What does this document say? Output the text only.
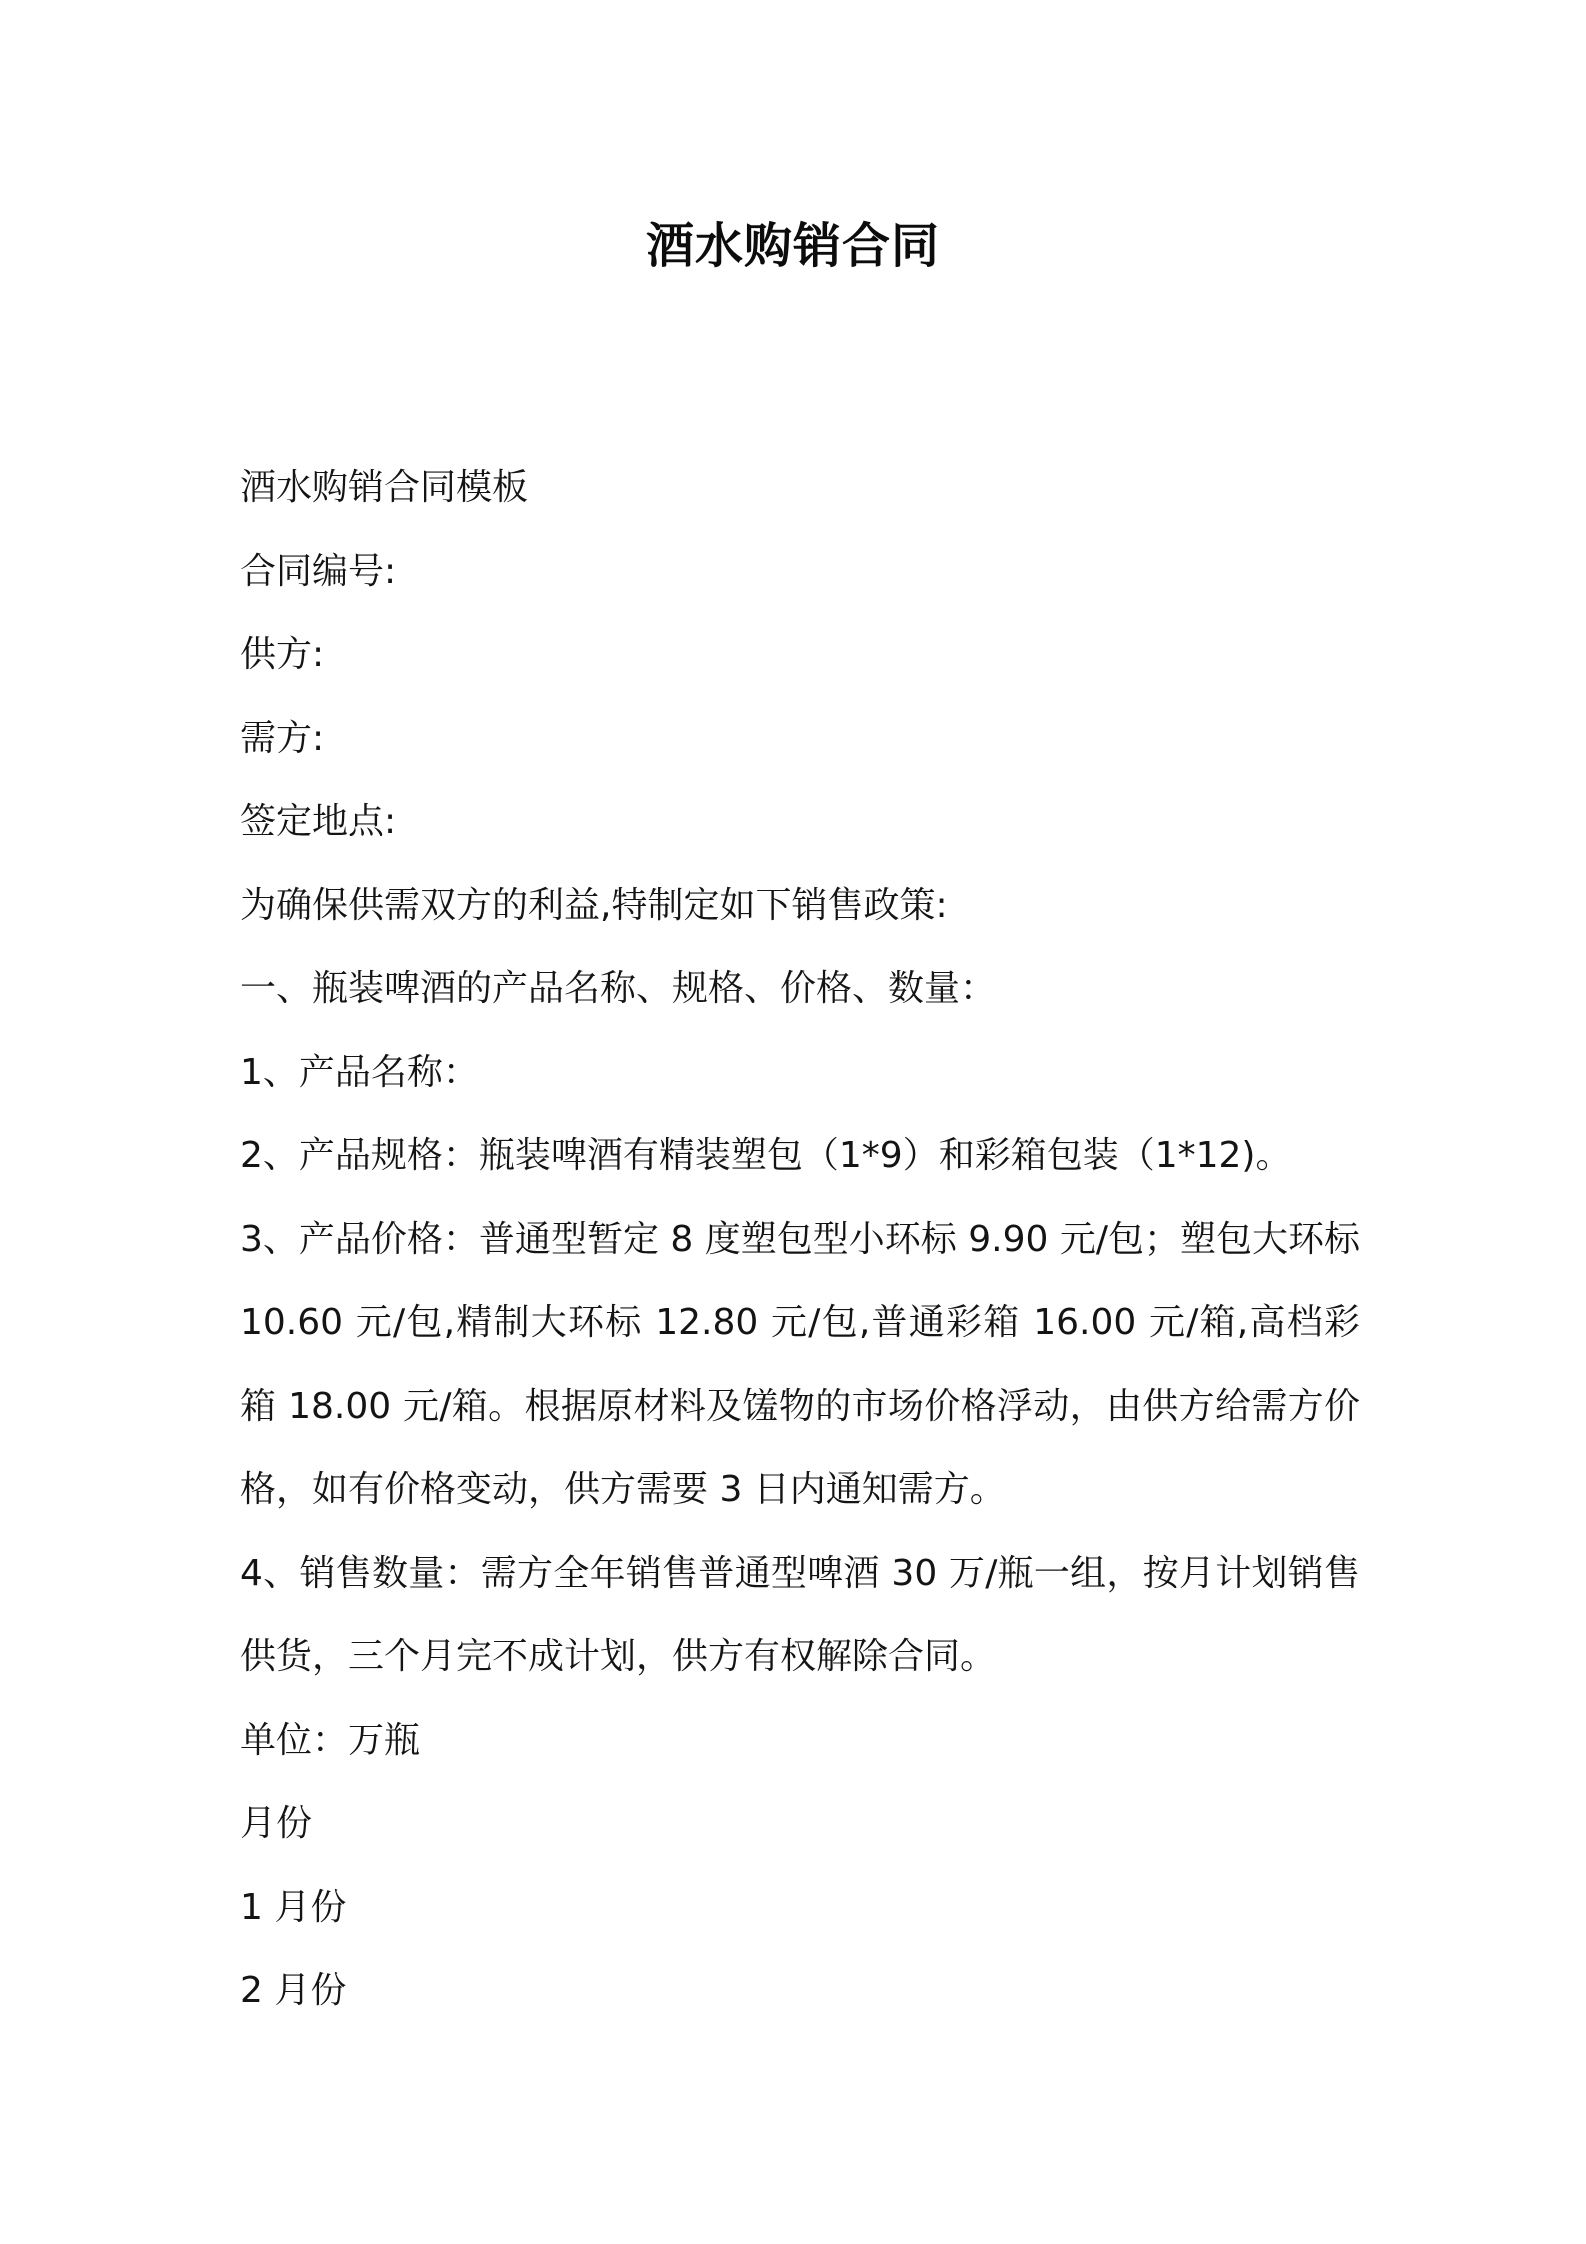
酒水购销合同

酒水购销合同模板

合同编号:

供方:

需方:

签定地点:

为确保供需双方的利益,特制定如下销售政策:

一、瓶装啤酒的产品名称、规格、价格、数量：

1、产品名称：

2、产品规格：瓶装啤酒有精装塑包（1*9）和彩箱包装（1*12)。

3、产品价格：普通型暂定 8 度塑包型小环标 9.90 元/包；塑包大环标 10.60 元/包,精制大环标 12.80 元/包,普通彩箱 16.00 元/箱,高档彩箱 18.00 元/箱。根据原材料及馐物的市场价格浮动，由供方给需方价格，如有价格变动，供方需要 3 日内通知需方。

4、销售数量：需方全年销售普通型啤酒 30 万/瓶一组，按月计划销售供货，三个月完不成计划，供方有权解除合同。

单位：万瓶

月份

1 月份

2 月份
